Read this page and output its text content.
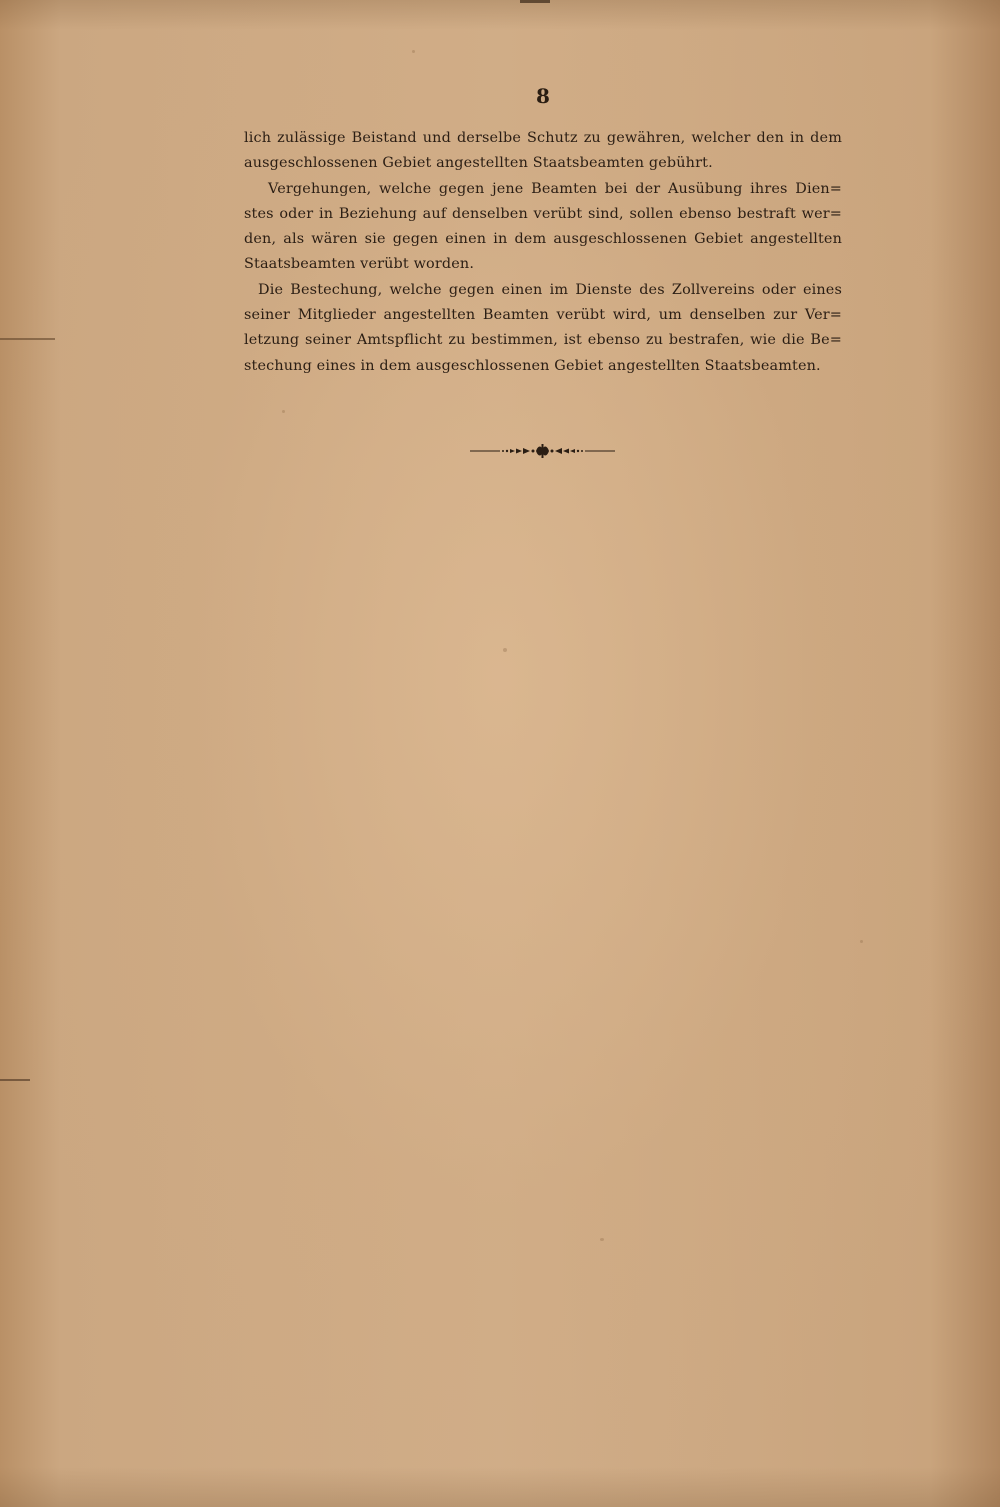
8
lich zulässige Beistand und derselbe Schutz zu gewähren, welcher den in dem
ausgeschlossenen Gebiet angestellten Staatsbeamten gebührt.
Vergehungen, welche gegen jene Beamten bei der Ausübung ihres Dien=
stes oder in Beziehung auf denselben verübt sind, sollen ebenso bestraft wer=
den, als wären sie gegen einen in dem ausgeschlossenen Gebiet angestellten
Staatsbeamten verübt worden.
Die Bestechung, welche gegen einen im Dienste des Zollvereins oder eines
seiner Mitglieder angestellten Beamten verübt wird, um denselben zur Ver=
letzung seiner Amtspflicht zu bestimmen, ist ebenso zu bestrafen, wie die Be=
stechung eines in dem ausgeschlossenen Gebiet angestellten Staatsbeamten.
